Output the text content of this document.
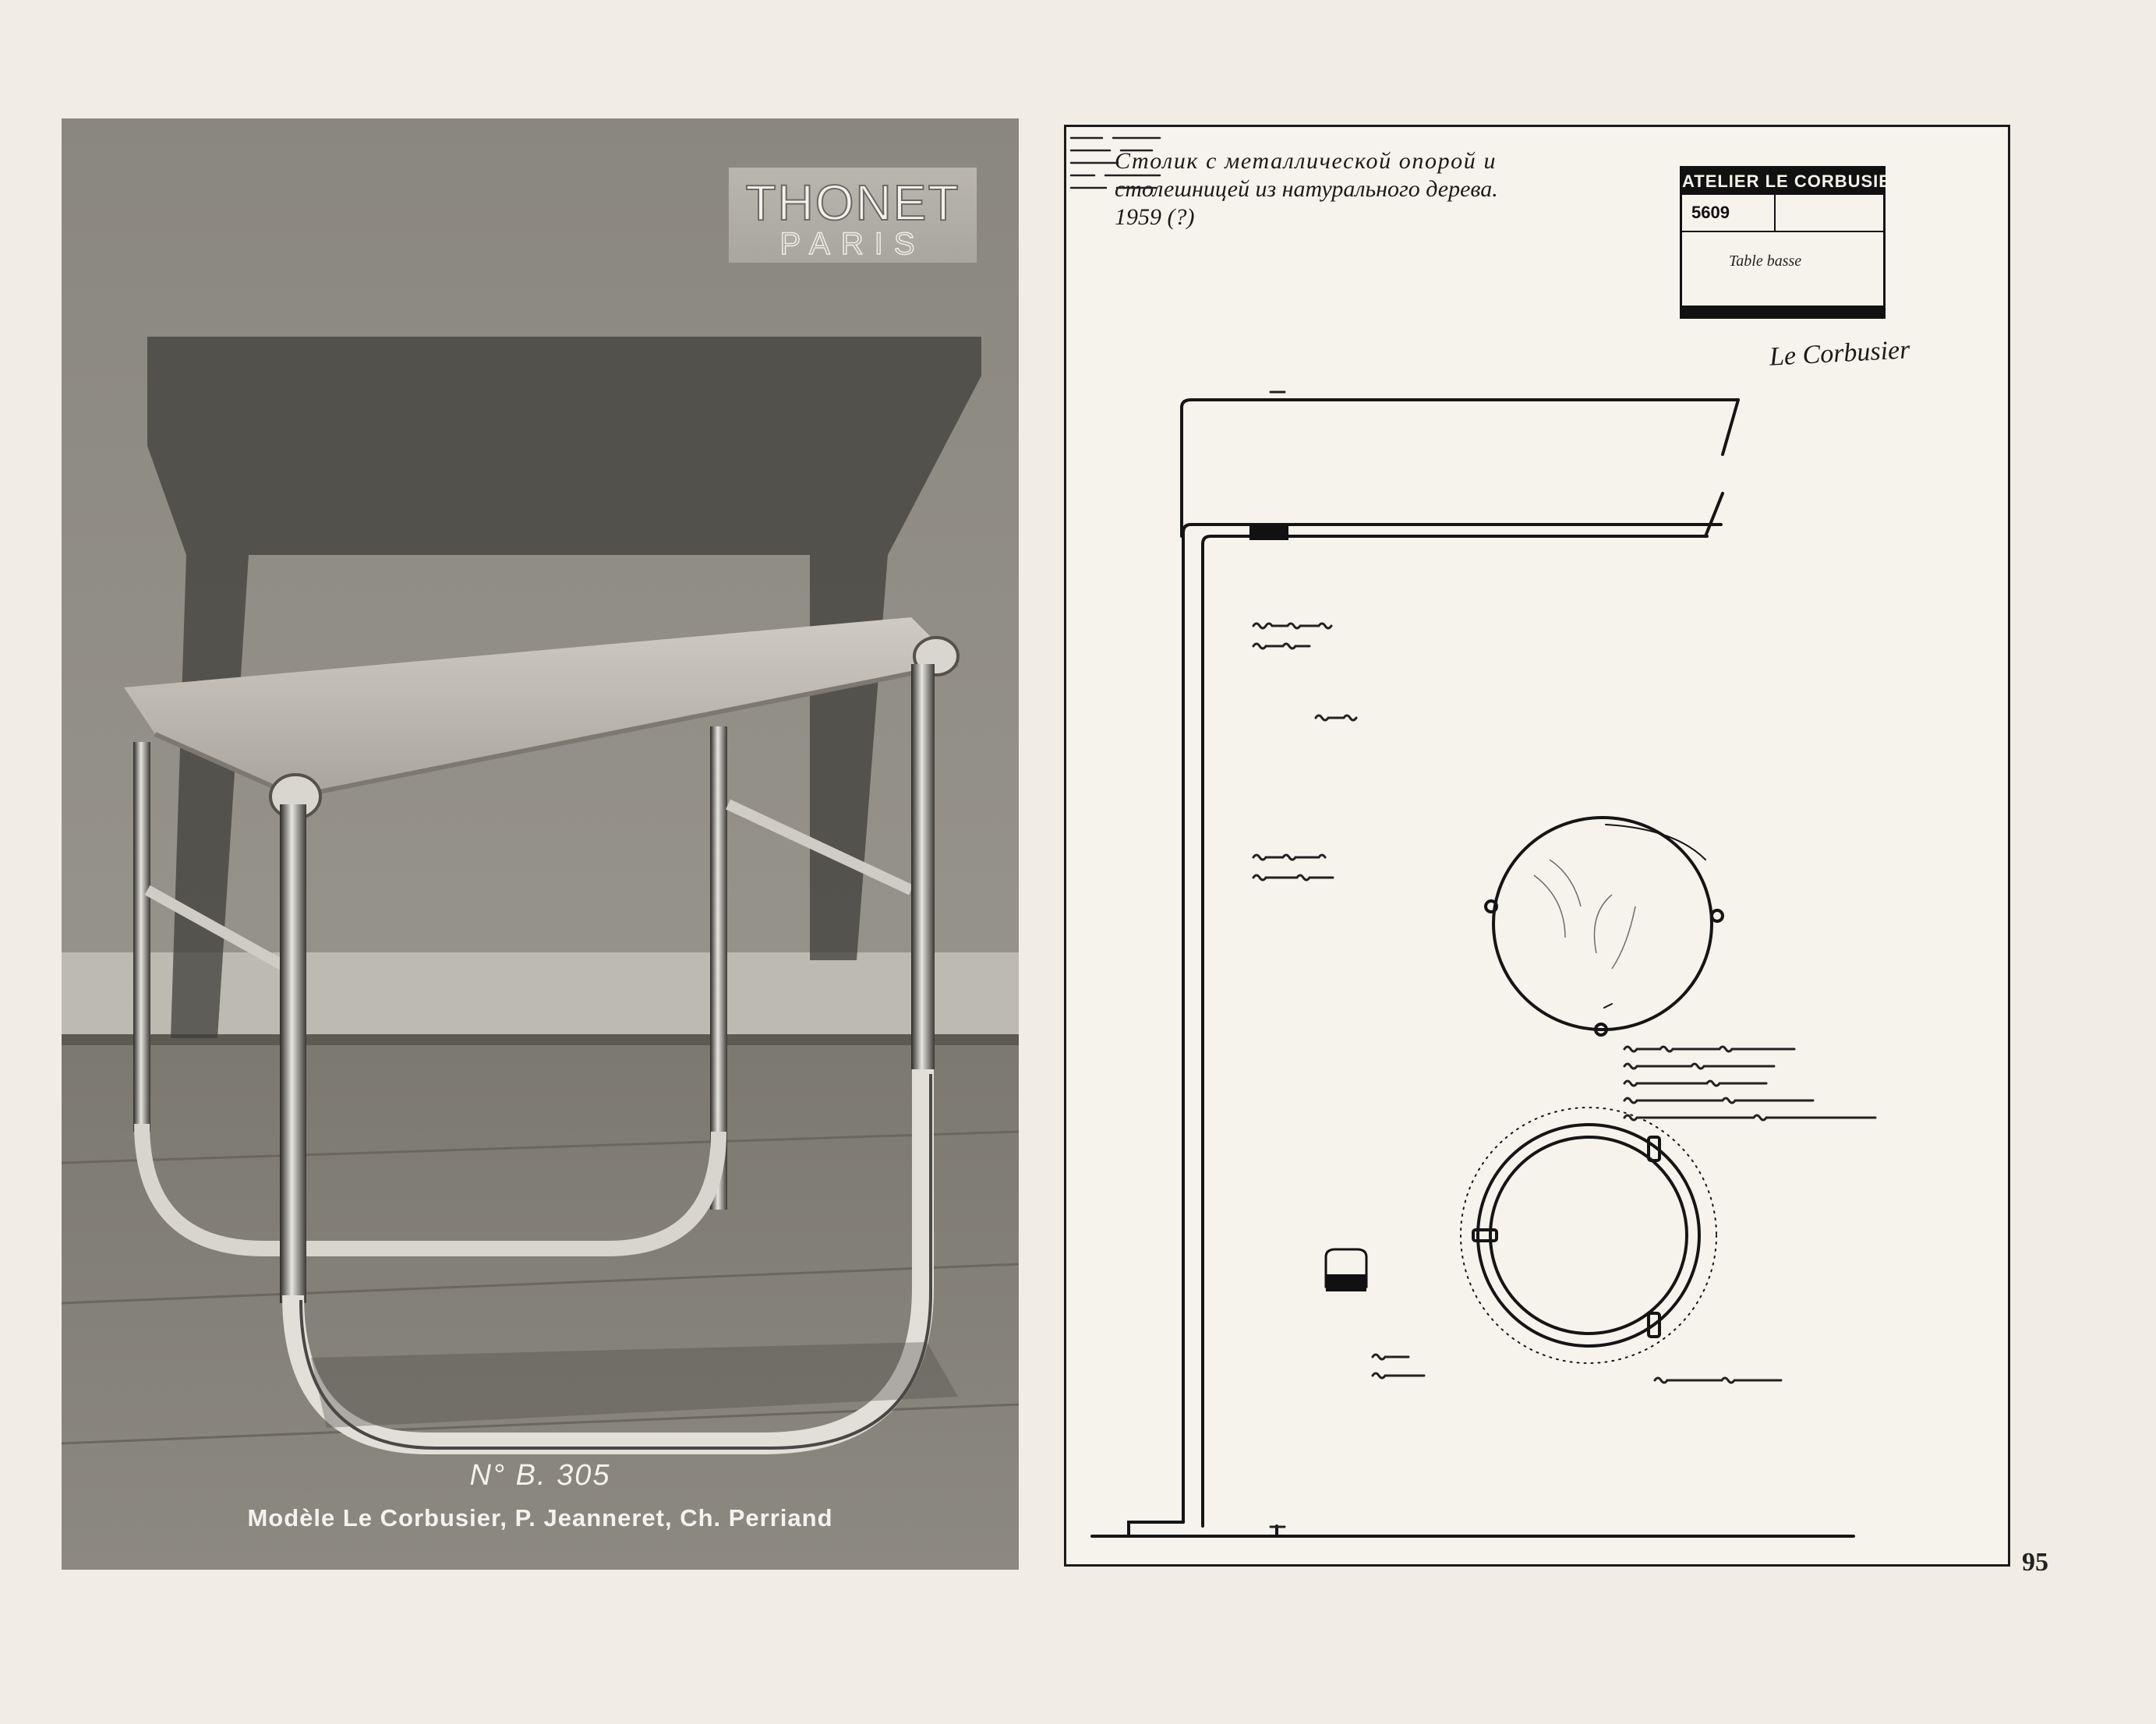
THONET
PARIS
N° B. 305
Modèle Le Corbusier, P. Jeanneret, Ch. Perriand
Столик с металлической опорой и
столешницей из натурального дерева.
1959 (?)
ATELIER LE CORBUSIER
5609
Table basse
Le Corbusier
95
